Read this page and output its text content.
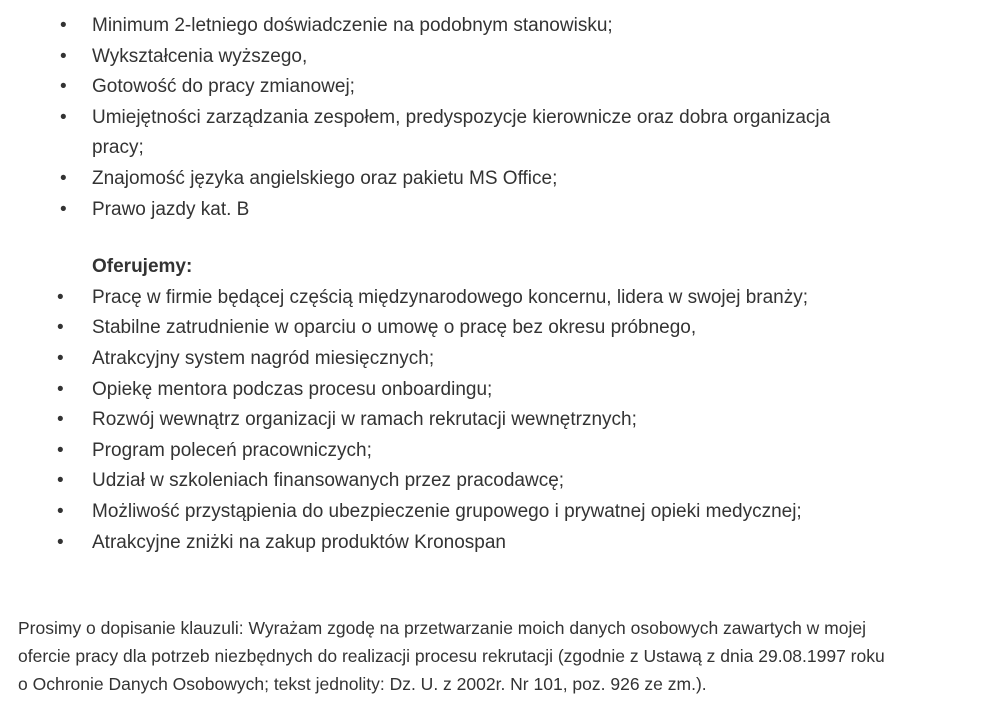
• Minimum 2-letniego doświadczenie na podobnym stanowisku;
• Wykształcenia wyższego,
• Gotowość do pracy zmianowej;
• Umiejętności zarządzania zespołem, predyspozycje kierownicze oraz dobra organizacja pracy;
• Znajomość języka angielskiego oraz pakietu MS Office;
• Prawo jazdy kat. B
Oferujemy:
• Pracę w firmie będącej częścią międzynarodowego koncernu, lidera w swojej branży;
• Stabilne zatrudnienie w oparciu o umowę o pracę bez okresu próbnego,
• Atrakcyjny system nagród miesięcznych;
• Opiekę mentora podczas procesu onboardingu;
• Rozwój wewnątrz organizacji w ramach rekrutacji wewnętrznych;
• Program poleceń pracowniczych;
• Udział w szkoleniach finansowanych przez pracodawcę;
• Możliwość przystąpienia do ubezpieczenie grupowego i prywatnej opieki medycznej;
• Atrakcyjne zniżki na zakup produktów Kronospan
Prosimy o dopisanie klauzuli: Wyrażam zgodę na przetwarzanie moich danych osobowych zawartych w mojej
ofercie pracy dla potrzeb niezbędnych do realizacji procesu rekrutacji (zgodnie z Ustawą z dnia 29.08.1997 roku
o Ochronie Danych Osobowych; tekst jednolity: Dz. U. z 2002r. Nr 101, poz. 926 ze zm.).
